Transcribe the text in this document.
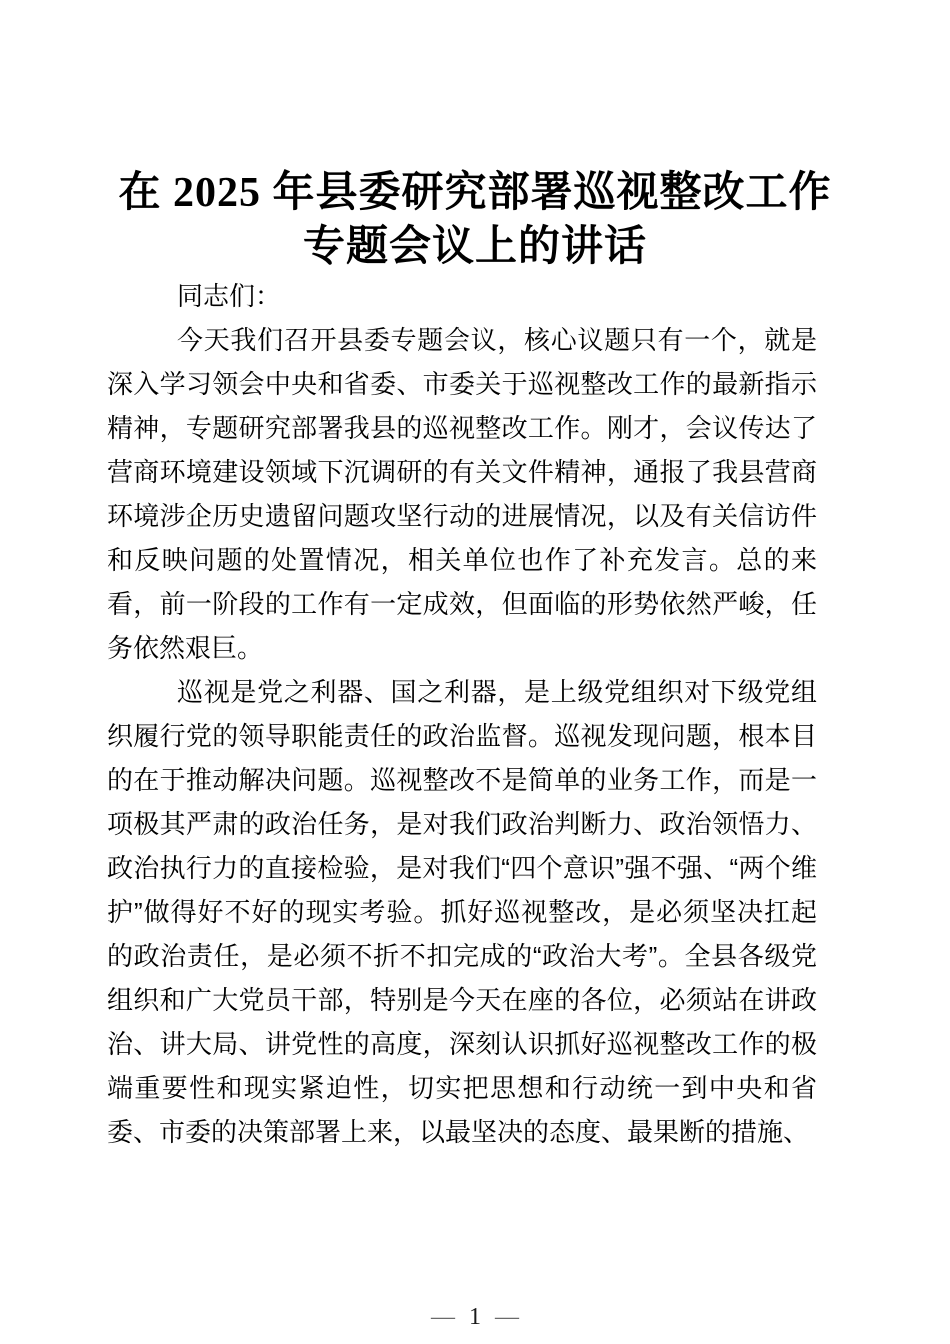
在 2025 年县委研究部署巡视整改工作
专题会议上的讲话

同志们：

今天我们召开县委专题会议，核心议题只有一个，就是深入学习领会中央和省委、市委关于巡视整改工作的最新指示精神，专题研究部署我县的巡视整改工作。刚才，会议传达了营商环境建设领域下沉调研的有关文件精神，通报了我县营商环境涉企历史遗留问题攻坚行动的进展情况，以及有关信访件和反映问题的处置情况，相关单位也作了补充发言。总的来看，前一阶段的工作有一定成效，但面临的形势依然严峻，任务依然艰巨。

巡视是党之利器、国之利器，是上级党组织对下级党组织履行党的领导职能责任的政治监督。巡视发现问题，根本目的在于推动解决问题。巡视整改不是简单的业务工作，而是一项极其严肃的政治任务，是对我们政治判断力、政治领悟力、政治执行力的直接检验，是对我们“四个意识”强不强、“两个维护”做得好不好的现实考验。抓好巡视整改，是必须坚决扛起的政治责任，是必须不折不扣完成的“政治大考”。全县各级党组织和广大党员干部，特别是今天在座的各位，必须站在讲政治、讲大局、讲党性的高度，深刻认识抓好巡视整改工作的极端重要性和现实紧迫性，切实把思想和行动统一到中央和省委、市委的决策部署上来，以最坚决的态度、最果断的措施、

— 1 —
